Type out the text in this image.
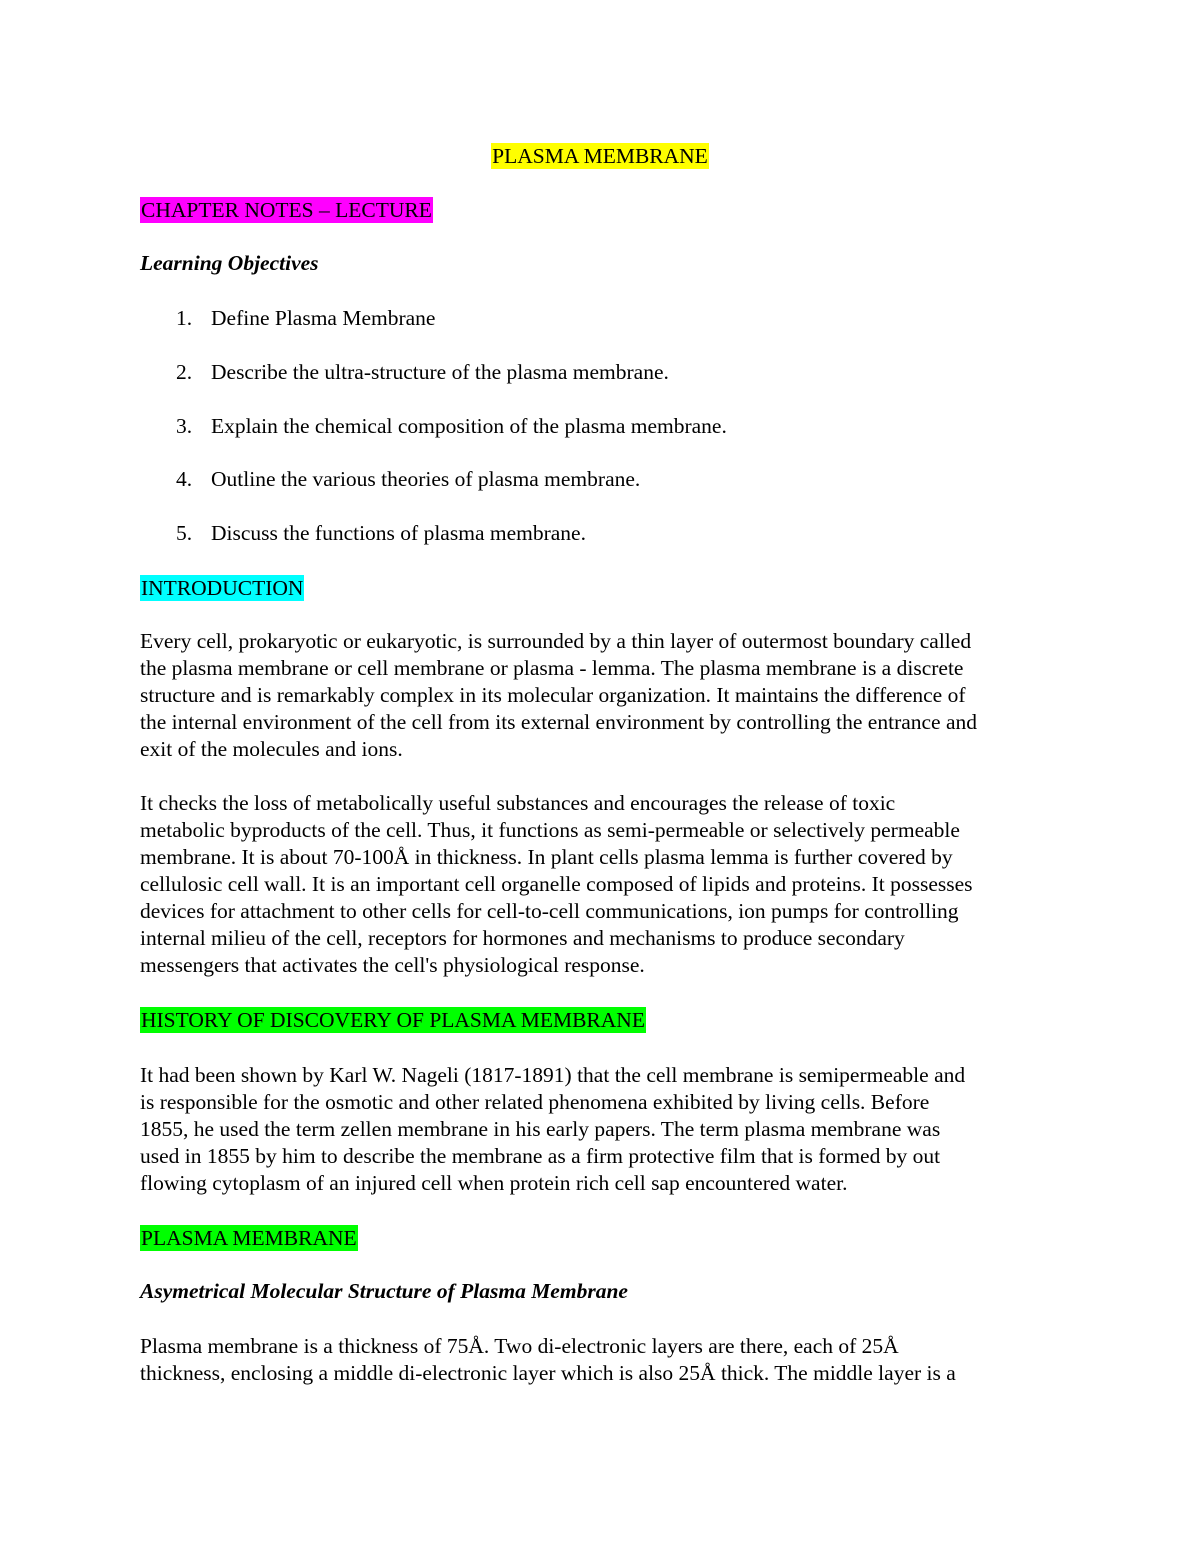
PLASMA MEMBRANE
CHAPTER NOTES – LECTURE
Learning Objectives
1. Define Plasma Membrane
2. Describe the ultra-structure of the plasma membrane.
3. Explain the chemical composition of the plasma membrane.
4. Outline the various theories of plasma membrane.
5. Discuss the functions of plasma membrane.
INTRODUCTION
Every cell, prokaryotic or eukaryotic, is surrounded by a thin layer of outermost boundary called
the plasma membrane or cell membrane or plasma - lemma. The plasma membrane is a discrete
structure and is remarkably complex in its molecular organization. It maintains the difference of
the internal environment of the cell from its external environment by controlling the entrance and
exit of the molecules and ions.
It checks the loss of metabolically useful substances and encourages the release of toxic
metabolic byproducts of the cell. Thus, it functions as semi-permeable or selectively permeable
membrane. It is about 70-100Å in thickness. In plant cells plasma lemma is further covered by
cellulosic cell wall. It is an important cell organelle composed of lipids and proteins. It possesses
devices for attachment to other cells for cell-to-cell communications, ion pumps for controlling
internal milieu of the cell, receptors for hormones and mechanisms to produce secondary
messengers that activates the cell's physiological response.
HISTORY OF DISCOVERY OF PLASMA MEMBRANE
It had been shown by Karl W. Nageli (1817-1891) that the cell membrane is semipermeable and
is responsible for the osmotic and other related phenomena exhibited by living cells. Before
1855, he used the term zellen membrane in his early papers. The term plasma membrane was
used in 1855 by him to describe the membrane as a firm protective film that is formed by out
flowing cytoplasm of an injured cell when protein rich cell sap encountered water.
PLASMA MEMBRANE
Asymetrical Molecular Structure of Plasma Membrane
Plasma membrane is a thickness of 75Å. Two di-electronic layers are there, each of 25Å
thickness, enclosing a middle di-electronic layer which is also 25Å thick. The middle layer is a
